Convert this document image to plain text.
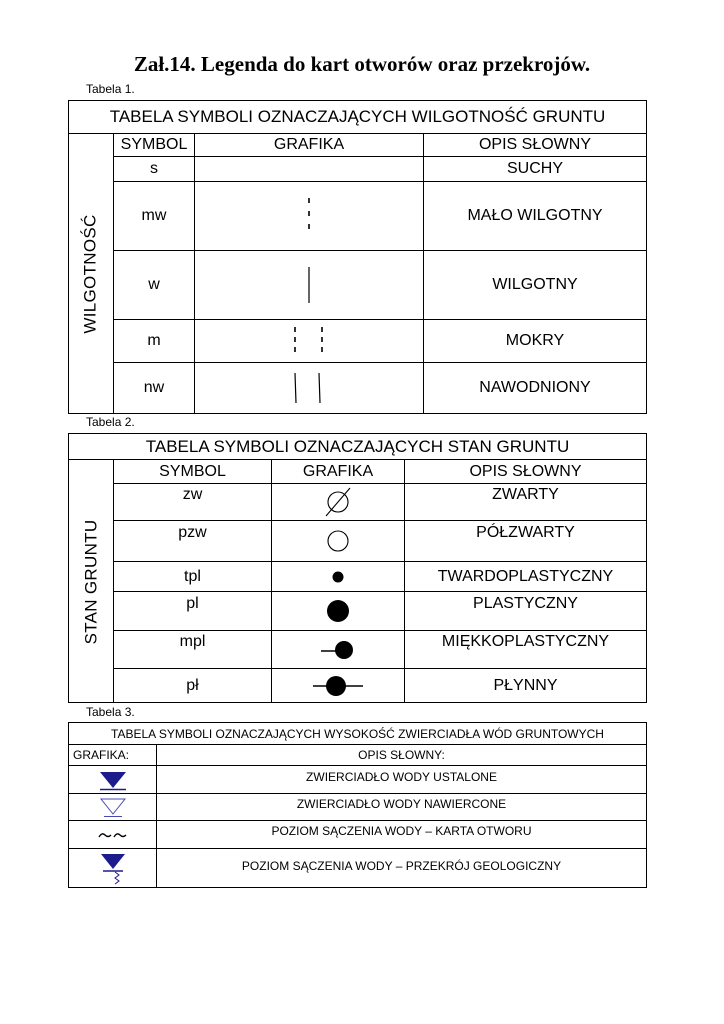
Zał.14. Legenda do kart otworów oraz przekrojów.
Tabela 1.
TABELA SYMBOLI OZNACZAJĄCYCH WILGOTNOŚĆ GRUNTU
WILGOTNOŚĆ
SYMBOL	GRAFIKA	OPIS SŁOWNY
s	SUCHY
mw	MAŁO WILGOTNY
w	WILGOTNY
m	MOKRY
nw	NAWODNIONY
Tabela 2.
TABELA SYMBOLI OZNACZAJĄCYCH STAN GRUNTU
STAN GRUNTU
SYMBOL	GRAFIKA	OPIS SŁOWNY
zw	ZWARTY
pzw	PÓŁZWARTY
tpl	TWARDOPLASTYCZNY
pl	PLASTYCZNY
mpl	MIĘKKOPLASTYCZNY
pł	PŁYNNY
Tabela 3.
TABELA SYMBOLI OZNACZAJĄCYCH WYSOKOŚĆ ZWIERCIADŁA WÓD GRUNTOWYCH
GRAFIKA:	OPIS SŁOWNY:
ZWIERCIADŁO WODY USTALONE
ZWIERCIADŁO WODY NAWIERCONE
POZIOM SĄCZENIA WODY – KARTA OTWORU
POZIOM SĄCZENIA WODY – PRZEKRÓJ GEOLOGICZNY
